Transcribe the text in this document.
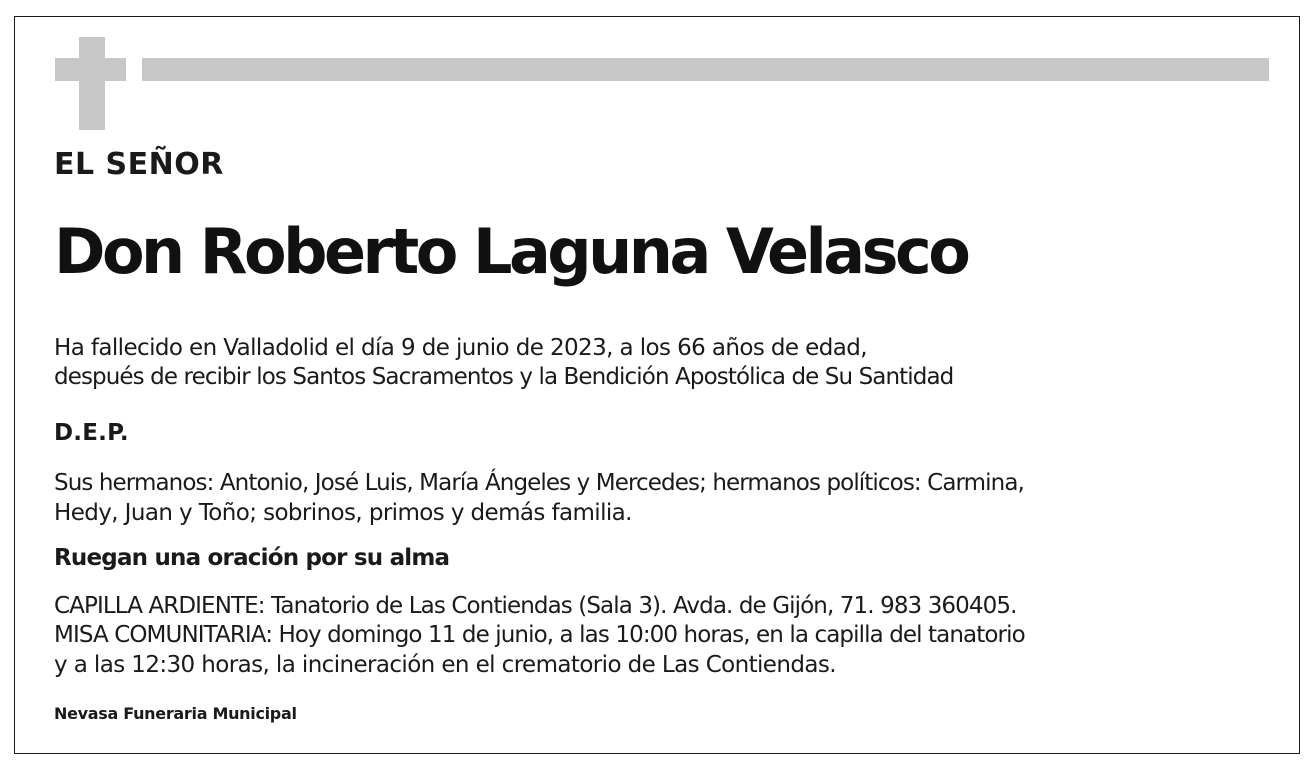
EL SEÑOR

Don Roberto Laguna Velasco

Ha fallecido en Valladolid el día 9 de junio de 2023, a los 66 años de edad,

después de recibir los Santos Sacramentos y la Bendición Apostólica de Su Santidad

D.E.P.

Sus hermanos: Antonio, José Luis, María Ángeles y Mercedes; hermanos políticos: Carmina,

Hedy, Juan y Toño; sobrinos, primos y demás familia.

Ruegan una oración por su alma

CAPILLA ARDIENTE: Tanatorio de Las Contiendas (Sala 3). Avda. de Gijón, 71. 983 360405.

MISA COMUNITARIA: Hoy domingo 11 de junio, a las 10:00 horas, en la capilla del tanatorio

y a las 12:30 horas, la incineración en el crematorio de Las Contiendas.

Nevasa Funeraria Municipal
